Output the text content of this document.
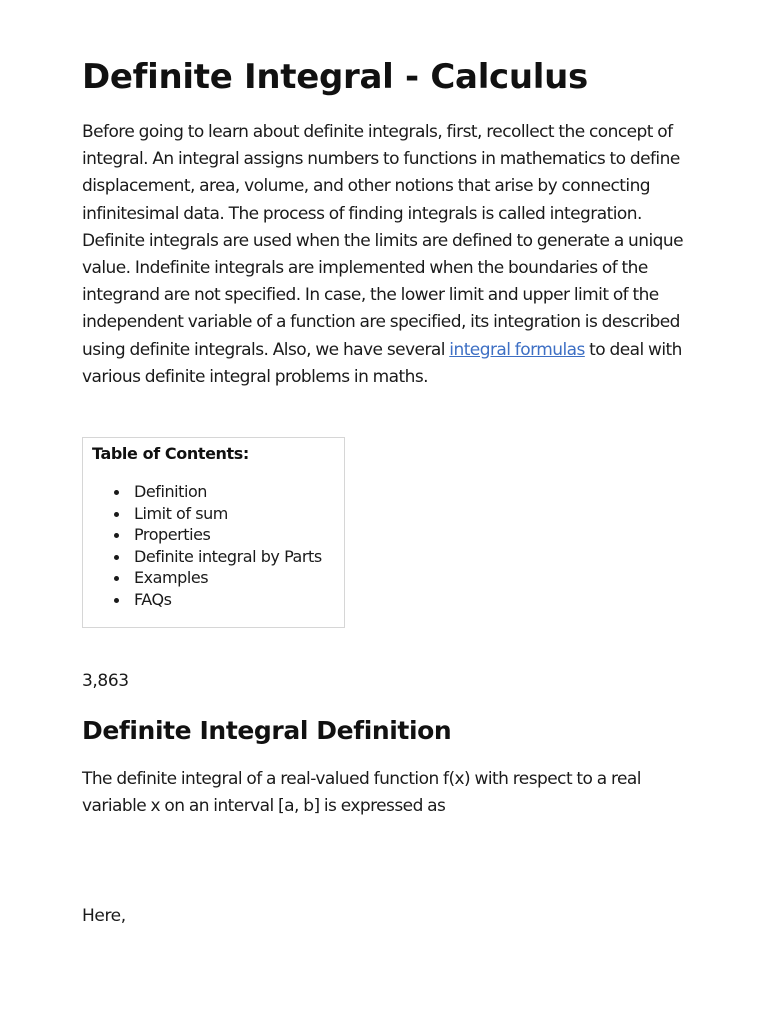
Definite Integral - Calculus

Before going to learn about definite integrals, first, recollect the concept of integral. An integral assigns numbers to functions in mathematics to define displacement, area, volume, and other notions that arise by connecting infinitesimal data. The process of finding integrals is called integration. Definite integrals are used when the limits are defined to generate a unique value. Indefinite integrals are implemented when the boundaries of the integrand are not specified. In case, the lower limit and upper limit of the independent variable of a function are specified, its integration is described using definite integrals. Also, we have several integral formulas to deal with various definite integral problems in maths.

Table of Contents:

Definition
Limit of sum
Properties
Definite integral by Parts
Examples
FAQs
3,863
Definite Integral Definition

The definite integral of a real-valued function f(x) with respect to a real variable x on an interval [a, b] is expressed as

Here,
